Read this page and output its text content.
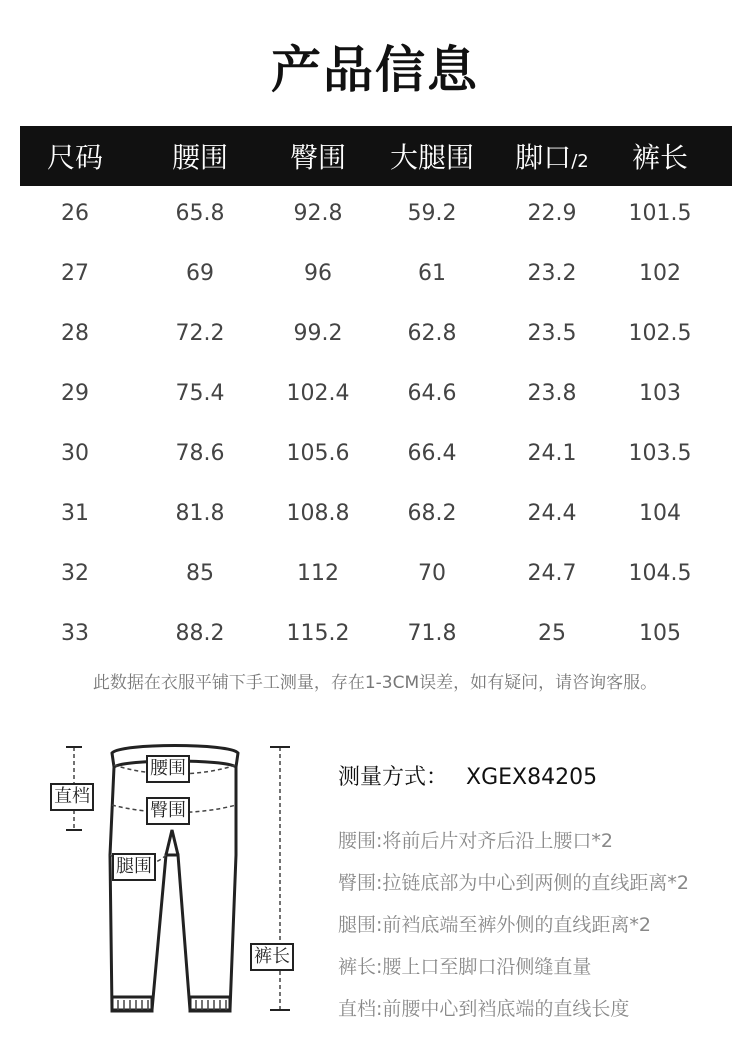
产品信息
尺码	腰围	臀围	大腿围	脚口/2	裤长
26	65.8	92.8	59.2	22.9	101.5
27	69	96	61	23.2	102
28	72.2	99.2	62.8	23.5	102.5
29	75.4	102.4	64.6	23.8	103
30	78.6	105.6	66.4	24.1	103.5
31	81.8	108.8	68.2	24.4	104
32	85	112	70	24.7	104.5
33	88.2	115.2	71.8	25	105
此数据在衣服平铺下手工测量，存在1-3CM误差，如有疑问，请咨询客服。
腰围
臀围
腿围
直档
裤长
测量方式： XGEX84205
腰围:将前后片对齐后沿上腰口*2
臀围:拉链底部为中心到两侧的直线距离*2
腿围:前裆底端至裤外侧的直线距离*2
裤长:腰上口至脚口沿侧缝直量
直档:前腰中心到裆底端的直线长度
